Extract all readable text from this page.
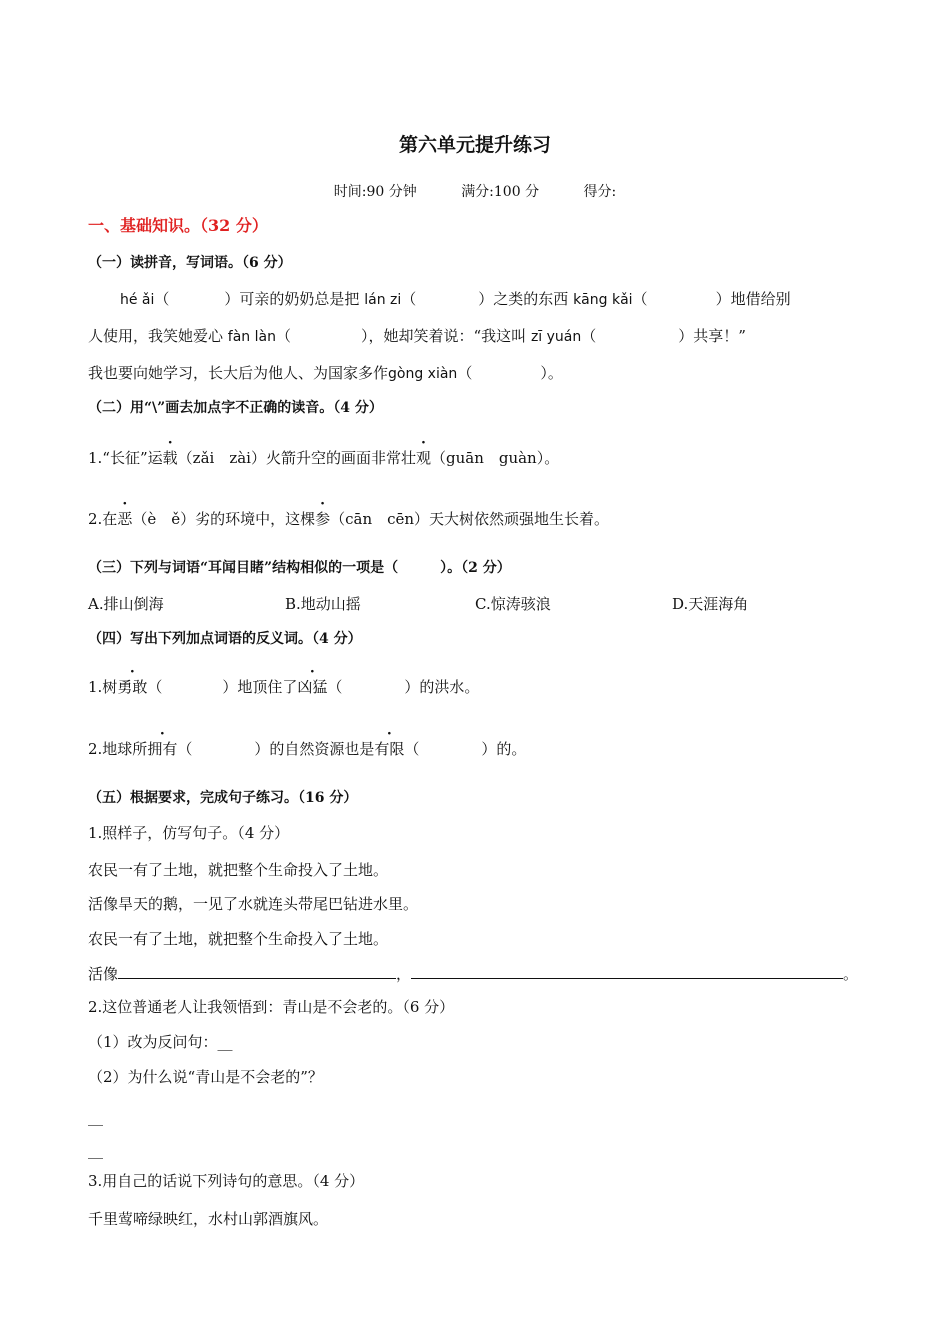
第六单元提升练习
时间:90 分钟	满分:100 分	得分:
一、基础知识。（32 分）
（一）读拼音，写词语。（6 分）
hé ǎi（	）可亲的奶奶总是把 lán zi（	）之类的东西 kāng kǎi（	）地借给别
人使用，我笑她爱心 fàn làn（	），她却笑着说：“我这叫 zī yuán（	）共享！”
我也要向她学习，长大后为他人、为国家多作gòng xiàn（	）。
（二）用“\”画去加点字不正确的读音。（4 分）
1.“长征”运载（zǎi　zài）火箭升空的画面非常壮观（guān　guàn）。
2.在恶（è　ě）劣的环境中，这棵参（cān　cēn）天大树依然顽强地生长着。
（三）下列与词语“耳闻目睹”结构相似的一项是（　　　）。（2 分）
A.排山倒海	B.地动山摇	C.惊涛骇浪	D.天涯海角
（四）写出下列加点词语的反义词。（4 分）
1.树勇敢（	）地顶住了凶猛（	）的洪水。
2.地球所拥有（	）的自然资源也是有限（	）的。
（五）根据要求，完成句子练习。（16 分）
1.照样子，仿写句子。（4 分）
农民一有了土地，就把整个生命投入了土地。
活像旱天的鹅，一见了水就连头带尾巴钻进水里。
农民一有了土地，就把整个生命投入了土地。
活像	，	。
2.这位普通老人让我领悟到：青山是不会老的。（6 分）
（1）改为反问句：__
（2）为什么说“青山是不会老的”？
__
__
3.用自己的话说下列诗句的意思。（4 分）
千里莺啼绿映红，水村山郭酒旗风。
